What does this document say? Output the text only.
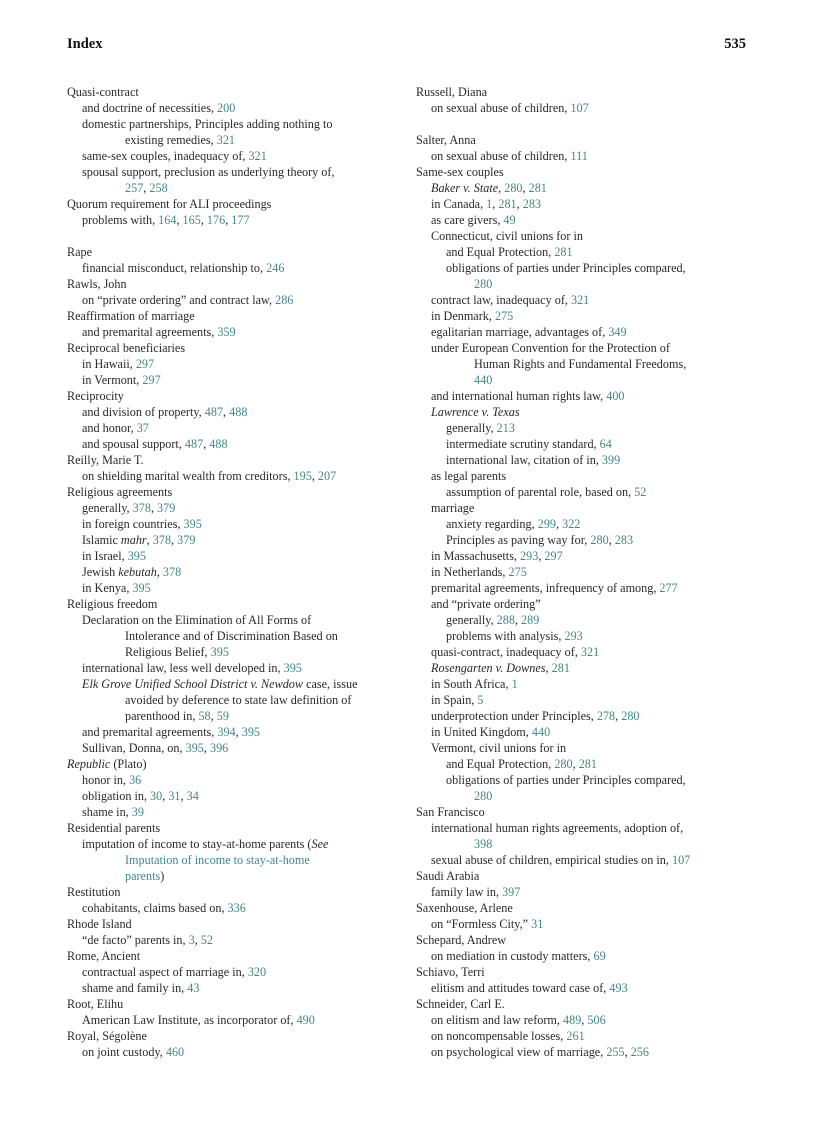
Index	535
Quasi-contract
and doctrine of necessities, 200
domestic partnerships, Principles adding nothing to
existing remedies, 321
same-sex couples, inadequacy of, 321
spousal support, preclusion as underlying theory of,
257, 258
Quorum requirement for ALI proceedings
problems with, 164, 165, 176, 177
Rape
financial misconduct, relationship to, 246
Rawls, John
on “private ordering” and contract law, 286
Reaffirmation of marriage
and premarital agreements, 359
Reciprocal beneficiaries
in Hawaii, 297
in Vermont, 297
Reciprocity
and division of property, 487, 488
and honor, 37
and spousal support, 487, 488
Reilly, Marie T.
on shielding marital wealth from creditors, 195, 207
Religious agreements
generally, 378, 379
in foreign countries, 395
Islamic mahr, 378, 379
in Israel, 395
Jewish kebutah, 378
in Kenya, 395
Religious freedom
Declaration on the Elimination of All Forms of
Intolerance and of Discrimination Based on
Religious Belief, 395
international law, less well developed in, 395
Elk Grove Unified School District v. Newdow case, issue
avoided by deference to state law definition of
parenthood in, 58, 59
and premarital agreements, 394, 395
Sullivan, Donna, on, 395, 396
Republic (Plato)
honor in, 36
obligation in, 30, 31, 34
shame in, 39
Residential parents
imputation of income to stay-at-home parents (See
Imputation of income to stay-at-home
parents)
Restitution
cohabitants, claims based on, 336
Rhode Island
“de facto” parents in, 3, 52
Rome, Ancient
contractual aspect of marriage in, 320
shame and family in, 43
Root, Elihu
American Law Institute, as incorporator of, 490
Royal, Ségolène
on joint custody, 460
Russell, Diana
on sexual abuse of children, 107
Salter, Anna
on sexual abuse of children, 111
Same-sex couples
Baker v. State, 280, 281
in Canada, 1, 281, 283
as care givers, 49
Connecticut, civil unions for in
and Equal Protection, 281
obligations of parties under Principles compared,
280
contract law, inadequacy of, 321
in Denmark, 275
egalitarian marriage, advantages of, 349
under European Convention for the Protection of
Human Rights and Fundamental Freedoms,
440
and international human rights law, 400
Lawrence v. Texas
generally, 213
intermediate scrutiny standard, 64
international law, citation of in, 399
as legal parents
assumption of parental role, based on, 52
marriage
anxiety regarding, 299, 322
Principles as paving way for, 280, 283
in Massachusetts, 293, 297
in Netherlands, 275
premarital agreements, infrequency of among, 277
and “private ordering”
generally, 288, 289
problems with analysis, 293
quasi-contract, inadequacy of, 321
Rosengarten v. Downes, 281
in South Africa, 1
in Spain, 5
underprotection under Principles, 278, 280
in United Kingdom, 440
Vermont, civil unions for in
and Equal Protection, 280, 281
obligations of parties under Principles compared,
280
San Francisco
international human rights agreements, adoption of,
398
sexual abuse of children, empirical studies on in, 107
Saudi Arabia
family law in, 397
Saxenhouse, Arlene
on “Formless City,” 31
Schepard, Andrew
on mediation in custody matters, 69
Schiavo, Terri
elitism and attitudes toward case of, 493
Schneider, Carl E.
on elitism and law reform, 489, 506
on noncompensable losses, 261
on psychological view of marriage, 255, 256
